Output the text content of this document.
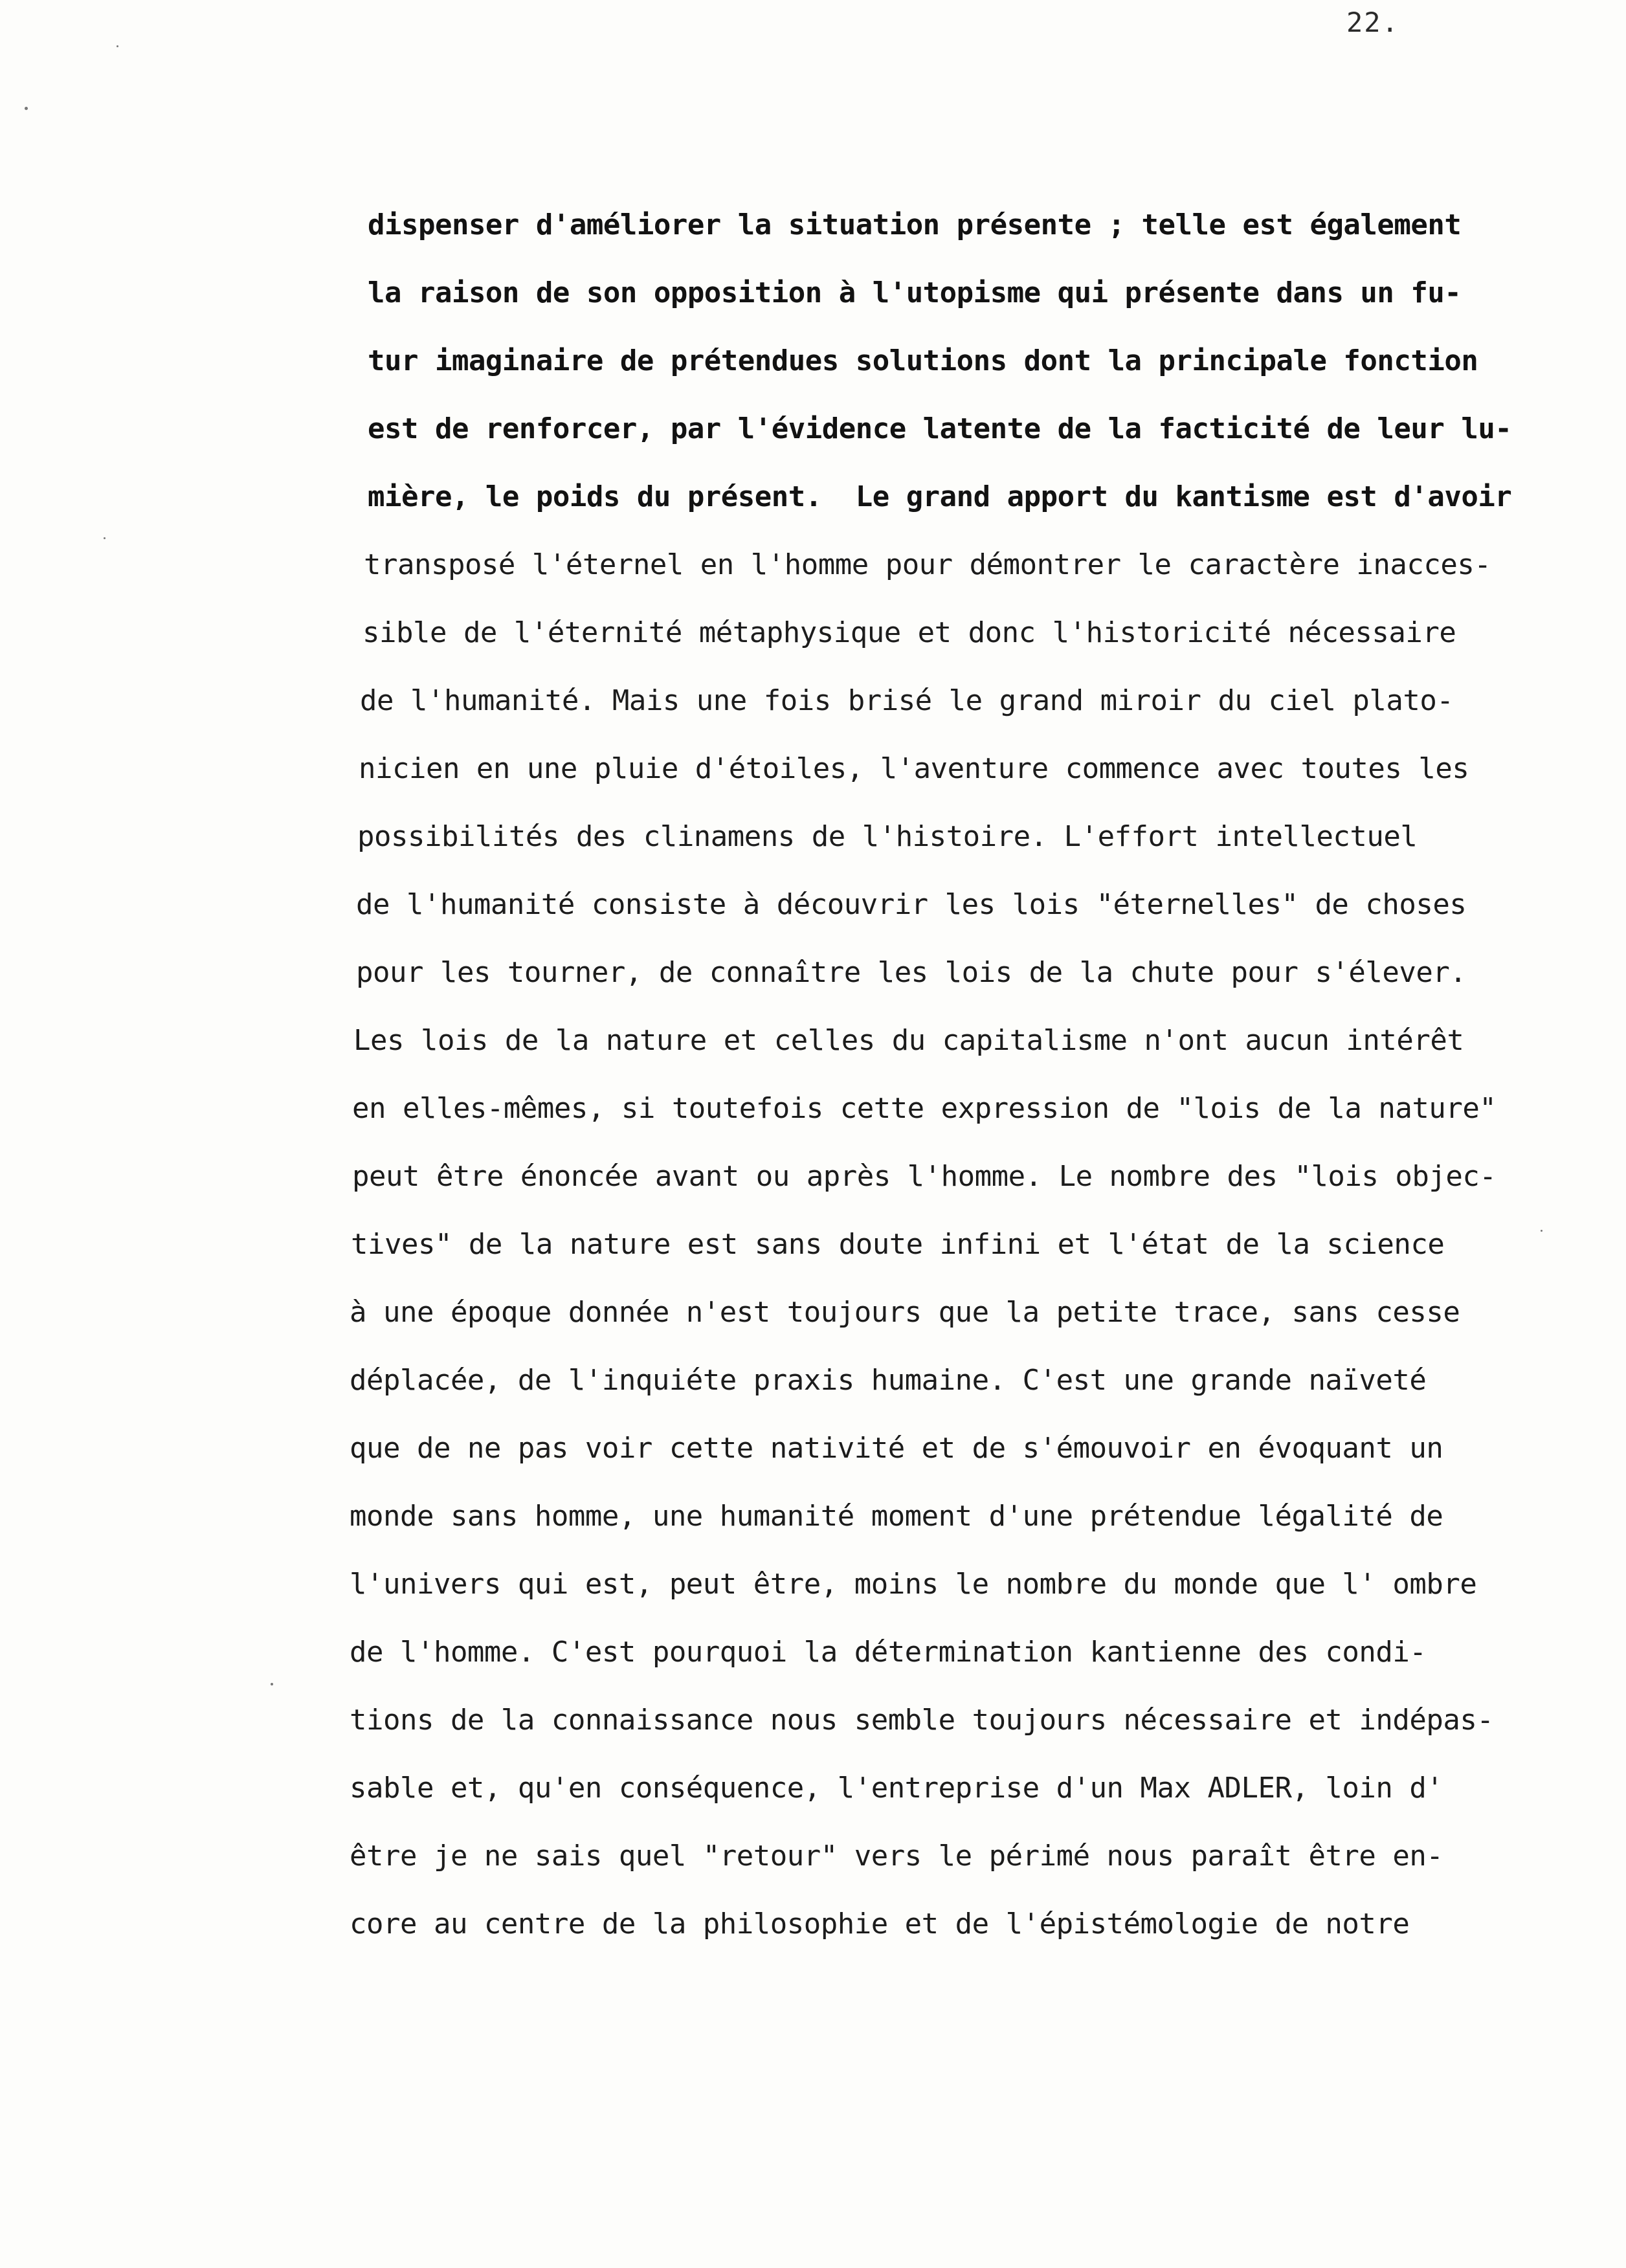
22.
dispenser d'améliorer la situation présente ; telle est également
la raison de son opposition à l'utopisme qui présente dans un fu-
tur imaginaire de prétendues solutions dont la principale fonction
est de renforcer, par l'évidence latente de la facticité de leur lu-
mière, le poids du présent.  Le grand apport du kantisme est d'avoir
transposé l'éternel en l'homme pour démontrer le caractère inacces-
sible de l'éternité métaphysique et donc l'historicité nécessaire
de l'humanité. Mais une fois brisé le grand miroir du ciel plato-
nicien en une pluie d'étoiles, l'aventure commence avec toutes les
possibilités des clinamens de l'histoire. L'effort intellectuel
de l'humanité consiste à découvrir les lois "éternelles" de choses
pour les tourner, de connaître les lois de la chute pour s'élever.
Les lois de la nature et celles du capitalisme n'ont aucun intérêt
en elles-mêmes, si toutefois cette expression de "lois de la nature"
peut être énoncée avant ou après l'homme. Le nombre des "lois objec-
tives" de la nature est sans doute infini et l'état de la science
à une époque donnée n'est toujours que la petite trace, sans cesse
déplacée, de l'inquiéte praxis humaine. C'est une grande naïveté
que de ne pas voir cette nativité et de s'émouvoir en évoquant un
monde sans homme, une humanité moment d'une prétendue légalité de
l'univers qui est, peut être, moins le nombre du monde que l' ombre
de l'homme. C'est pourquoi la détermination kantienne des condi-
tions de la connaissance nous semble toujours nécessaire et indépas-
sable et, qu'en conséquence, l'entreprise d'un Max ADLER, loin d'
être je ne sais quel "retour" vers le périmé nous paraît être en-
core au centre de la philosophie et de l'épistémologie de notre
